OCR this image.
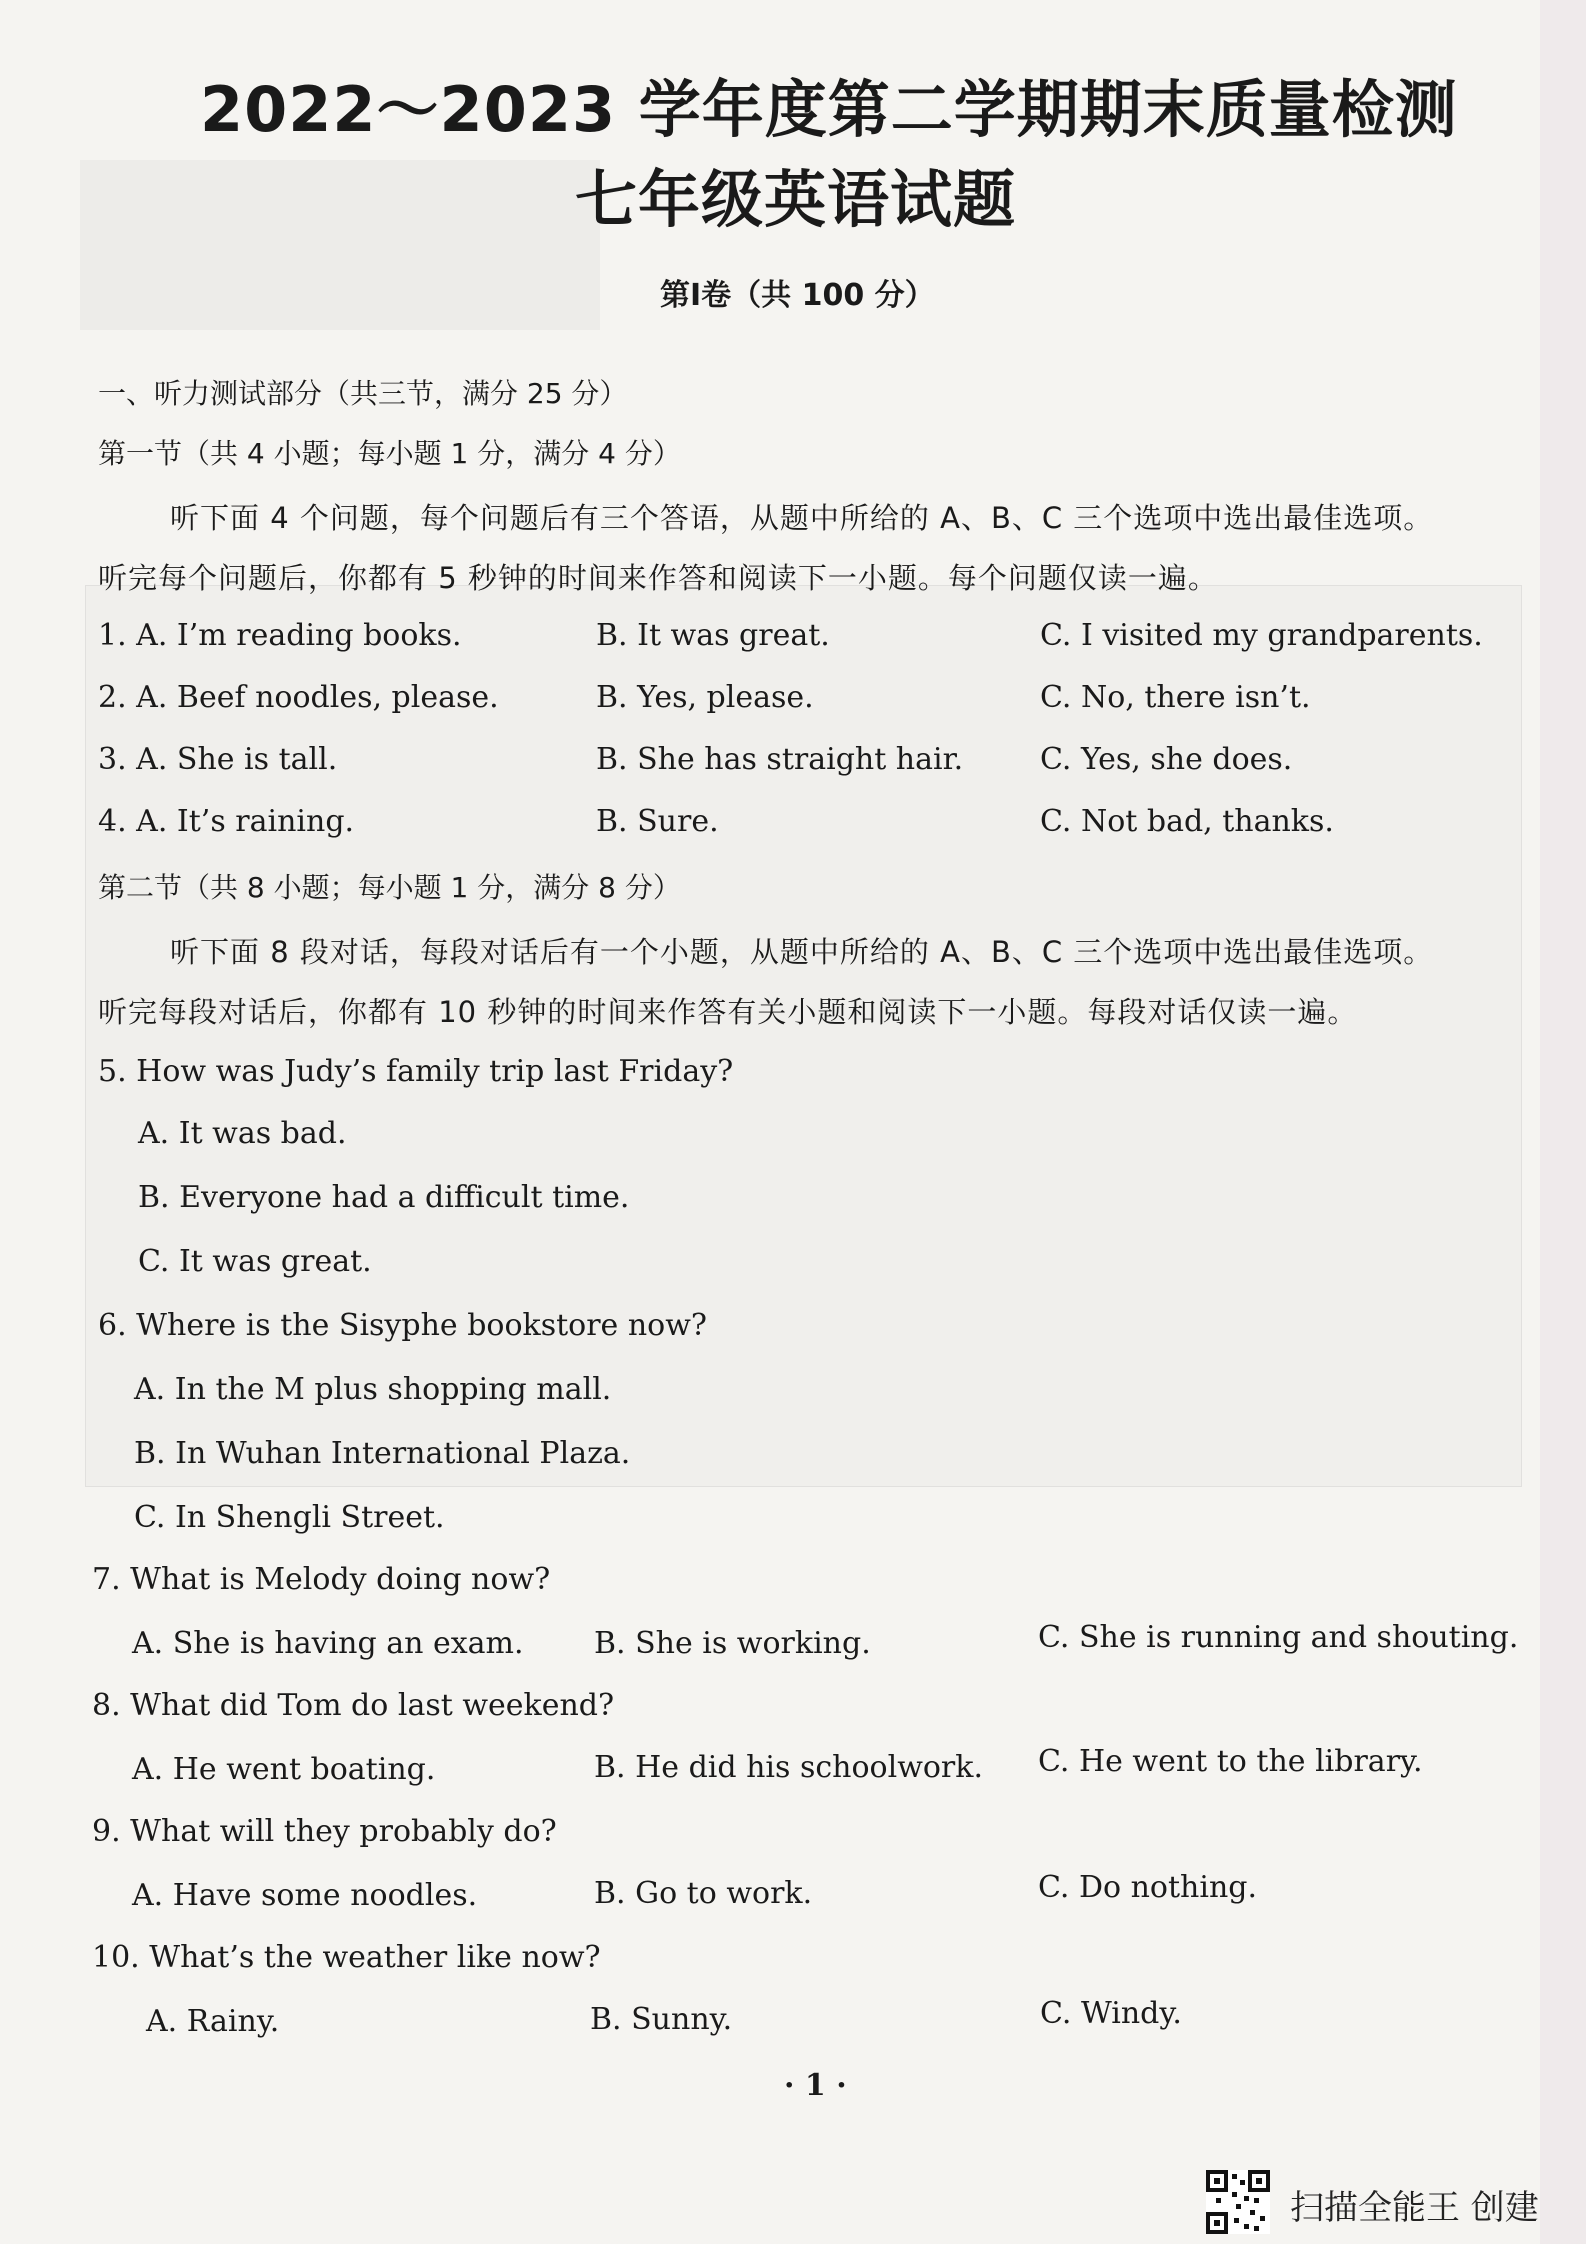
2022～2023 学年度第二学期期末质量检测
七年级英语试题
第Ⅰ卷（共 100 分）
一、听力测试部分（共三节，满分 25 分）
第一节（共 4 小题；每小题 1 分，满分 4 分）
听下面 4 个问题，每个问题后有三个答语，从题中所给的 A、B、C 三个选项中选出最佳选项。
听完每个问题后，你都有 5 秒钟的时间来作答和阅读下一小题。每个问题仅读一遍。
1. A. I’m reading books.	B. It was great.	C. I visited my grandparents.
2. A. Beef noodles, please.	B. Yes, please.	C. No, there isn’t.
3. A. She is tall.	B. She has straight hair.	C. Yes, she does.
4. A. It’s raining.	B. Sure.	C. Not bad, thanks.
第二节（共 8 小题；每小题 1 分，满分 8 分）
听下面 8 段对话，每段对话后有一个小题，从题中所给的 A、B、C 三个选项中选出最佳选项。
听完每段对话后，你都有 10 秒钟的时间来作答有关小题和阅读下一小题。每段对话仅读一遍。
5. How was Judy’s family trip last Friday?
A. It was bad.
B. Everyone had a difficult time.
C. It was great.
6. Where is the Sisyphe bookstore now?
A. In the M plus shopping mall.
B. In Wuhan International Plaza.
C. In Shengli Street.
7. What is Melody doing now?
A. She is having an exam. B. She is working.	C. She is running and shouting.
8. What did Tom do last weekend?
A. He went boating.	B. He did his schoolwork. C. He went to the library.
9. What will they probably do?
A. Have some noodles.	B. Go to work.	C. Do nothing.
10. What’s the weather like now?
A. Rainy.	B. Sunny.	C. Windy.
· 1 ·
扫描全能王 创建
